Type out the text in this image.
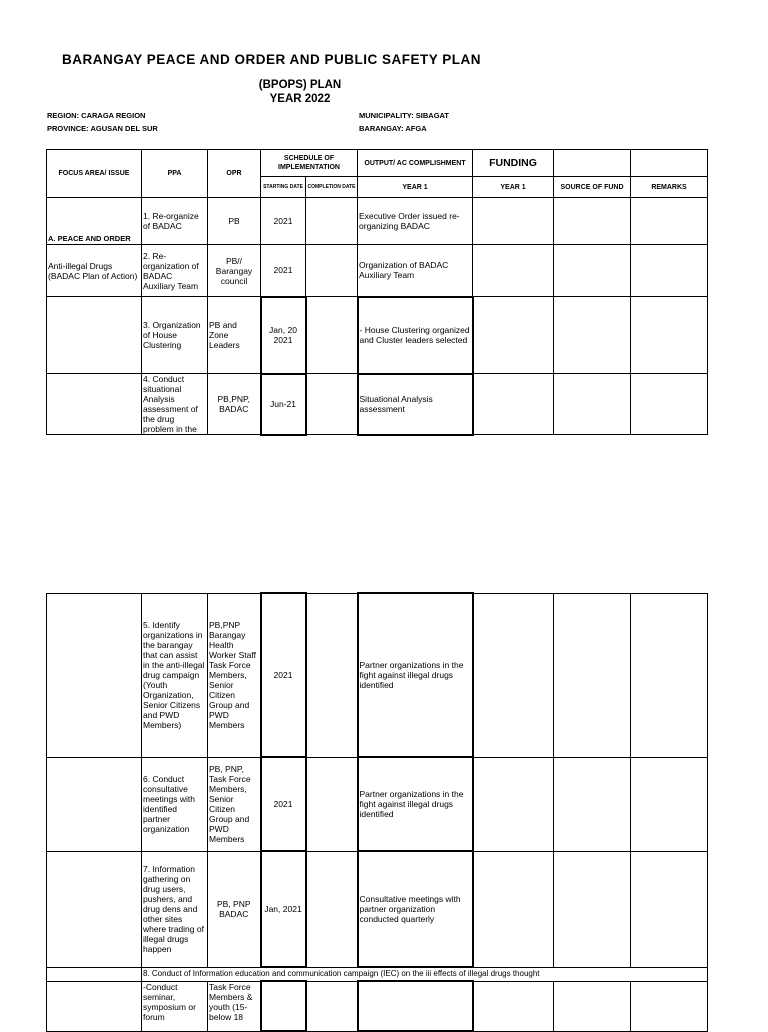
BARANGAY PEACE AND ORDER AND PUBLIC SAFETY PLAN
(BPOPS) PLAN
YEAR 2022
REGION: CARAGA REGION
PROVINCE: AGUSAN DEL SUR
MUNICIPALITY: SIBAGAT
BARANGAY: AFGA
FOCUS AREA/ ISSUE	PPA	OPR	SCHEDULE OF IMPLEMENTATION		OUTPUT/ AC COMPLISHMENT	FUNDING		
			STARTING DATE	COMPLETION DATE	YEAR 1	YEAR 1	SOURCE OF FUND	REMARKS
A. PEACE AND ORDER	1. Re-organize of BADAC	PB	2021		Executive Order issued re-organizing BADAC			
Anti-illegal Drugs (BADAC Plan of Action)	2. Re-organization of BADAC Auxiliary Team	PB// Barangay council	2021		Organization of BADAC Auxiliary Team			
	3. Organization of House Clustering	PB and Zone Leaders	Jan, 20 2021		- House Clustering organized and Cluster leaders selected			
	4. Conduct situational Analysis assessment of the drug problem in the	PB,PNP, BADAC	Jun-21		Situational Analysis assessment			
	5. Identify organizations in the barangay that can assist in the anti-illegal drug campaign (Youth Organization, Senior Citizens and PWD Members)	PB,PNP Barangay Health Worker Staff Task Force Members, Senior Citizen Group and PWD Members	2021		Partner organizations in the fight against illegal drugs identified			
	6. Conduct consultative meetings with identified partner organization	PB, PNP, Task Force Members, Senior Citizen Group and PWD Members	2021		Partner organizations in the fight against illegal drugs identified			
	7. Information gathering on drug users, pushers, and drug dens and other sites where trading of illegal drugs happen	PB, PNP BADAC	Jan, 2021		Consultative meetings with partner organization conducted quarterly			
	8. Conduct of Information education and communication campaign (IEC) on the iii effects of illegal drugs thought							
	-Conduct seminar, symposium or forum	Task Force Members & youth (15-below 18						
